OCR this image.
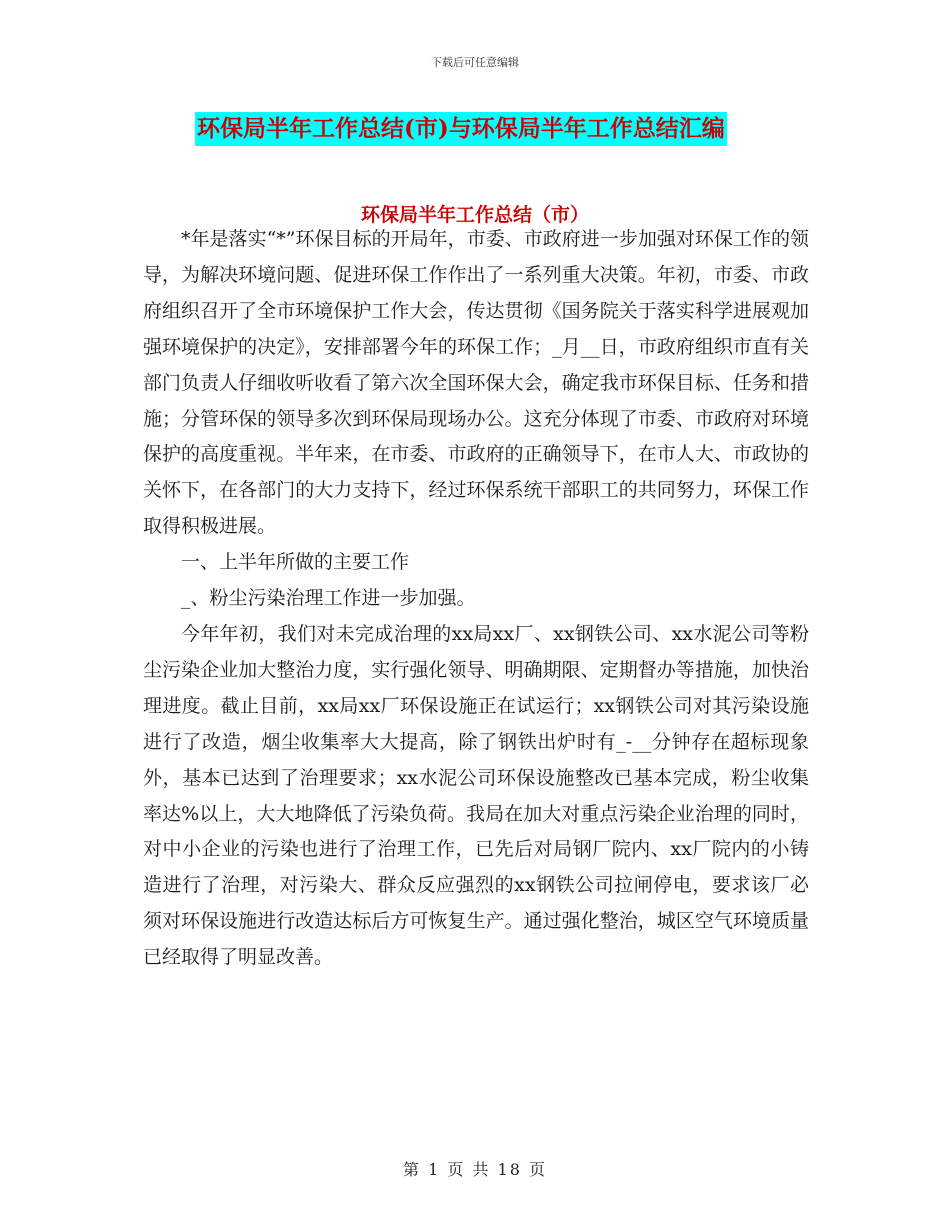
下载后可任意编辑
环保局半年工作总结(市)与环保局半年工作总结汇编
环保局半年工作总结（市）

*年是落实“*”环保目标的开局年，市委、市政府进一步加强对环保工作的领导，为解决环境问题、促进环保工作作出了一系列重大决策。年初，市委、市政府组织召开了全市环境保护工作大会，传达贯彻《国务院关于落实科学进展观加强环境保护的决定》，安排部署今年的环保工作；_月__日，市政府组织市直有关部门负责人仔细收听收看了第六次全国环保大会，确定我市环保目标、任务和措施；分管环保的领导多次到环保局现场办公。这充分体现了市委、市政府对环境保护的高度重视。半年来，在市委、市政府的正确领导下，在市人大、市政协的关怀下，在各部门的大力支持下，经过环保系统干部职工的共同努力，环保工作取得积极进展。

一、上半年所做的主要工作

_、粉尘污染治理工作进一步加强。

今年年初，我们对未完成治理的xx局xx厂、xx钢铁公司、xx水泥公司等粉尘污染企业加大整治力度，实行强化领导、明确期限、定期督办等措施，加快治理进度。截止目前，xx局xx厂环保设施正在试运行；xx钢铁公司对其污染设施进行了改造，烟尘收集率大大提高，除了钢铁出炉时有_-__分钟存在超标现象外，基本已达到了治理要求；xx水泥公司环保设施整改已基本完成，粉尘收集率达%以上，大大地降低了污染负荷。我局在加大对重点污染企业治理的同时，对中小企业的污染也进行了治理工作，已先后对局钢厂院内、xx厂院内的小铸造进行了治理，对污染大、群众反应强烈的xx钢铁公司拉闸停电，要求该厂必须对环保设施进行改造达标后方可恢复生产。通过强化整治，城区空气环境质量已经取得了明显改善。

第 1 页 共 18 页
